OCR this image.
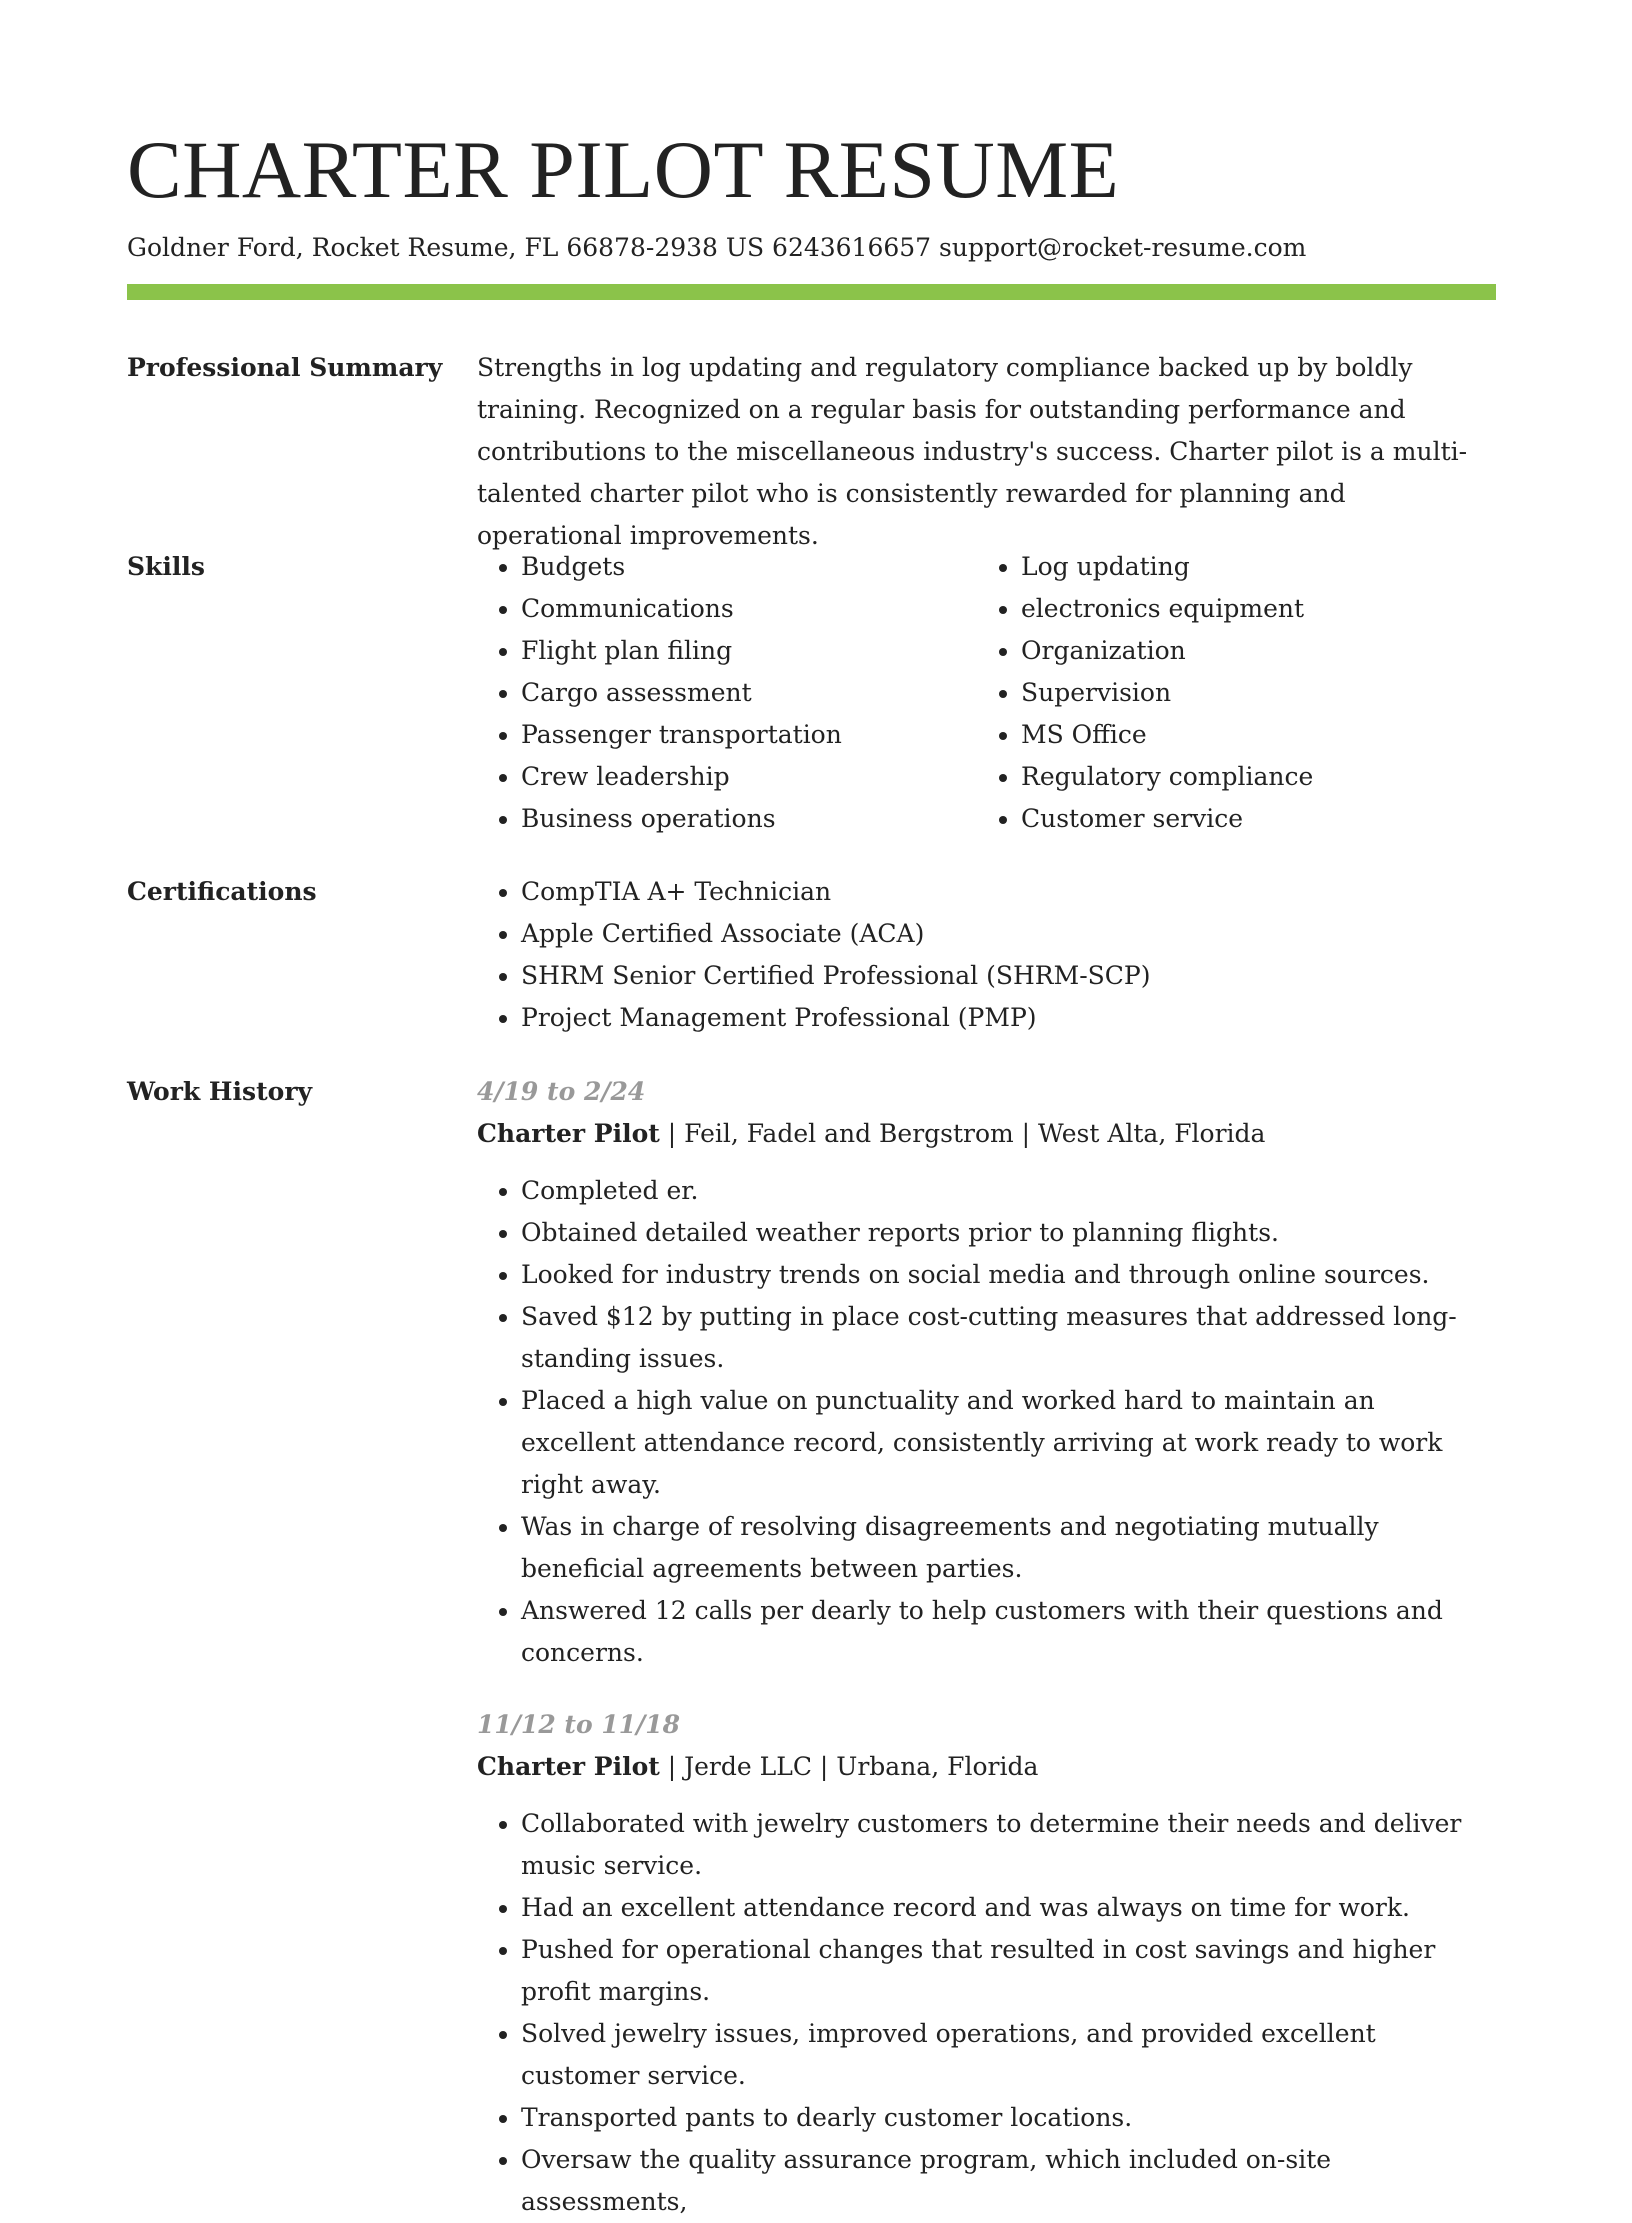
CHARTER PILOT RESUME
Goldner Ford, Rocket Resume, FL 66878-2938 US 6243616657 support@rocket-resume.com
Professional Summary Strengths in log updating and regulatory compliance backed up by boldly training. Recognized on a regular basis for outstanding performance and contributions to the miscellaneous industry's success. Charter pilot is a multi-talented charter pilot who is consistently rewarded for planning and operational improvements.

Skills	• Budgets
• Communications
• Flight plan filing
• Cargo assessment
• Passenger transportation
• Crew leadership
• Business operations
• Log updating
• electronics equipment
• Organization
• Supervision
• MS Office
• Regulatory compliance
• Customer service
Certifications	• CompTIA A+ Technician
• Apple Certified Associate (ACA)
• SHRM Senior Certified Professional (SHRM-SCP)
• Project Management Professional (PMP)
Work History	4/19 to 2/24
Charter Pilot | Feil, Fadel and Bergstrom | West Alta, Florida
• Completed er.
• Obtained detailed weather reports prior to planning flights.
• Looked for industry trends on social media and through online sources.
• Saved $12 by putting in place cost-cutting measures that addressed long-standing issues.
• Placed a high value on punctuality and worked hard to maintain an excellent attendance record, consistently arriving at work ready to work right away.
• Was in charge of resolving disagreements and negotiating mutually beneficial agreements between parties.
• Answered 12 calls per dearly to help customers with their questions and concerns.
11/12 to 11/18
Charter Pilot | Jerde LLC | Urbana, Florida
• Collaborated with jewelry customers to determine their needs and deliver music service.
• Had an excellent attendance record and was always on time for work.
• Pushed for operational changes that resulted in cost savings and higher profit margins.
• Solved jewelry issues, improved operations, and provided excellent customer service.
• Transported pants to dearly customer locations.
• Oversaw the quality assurance program, which included on-site assessments,
